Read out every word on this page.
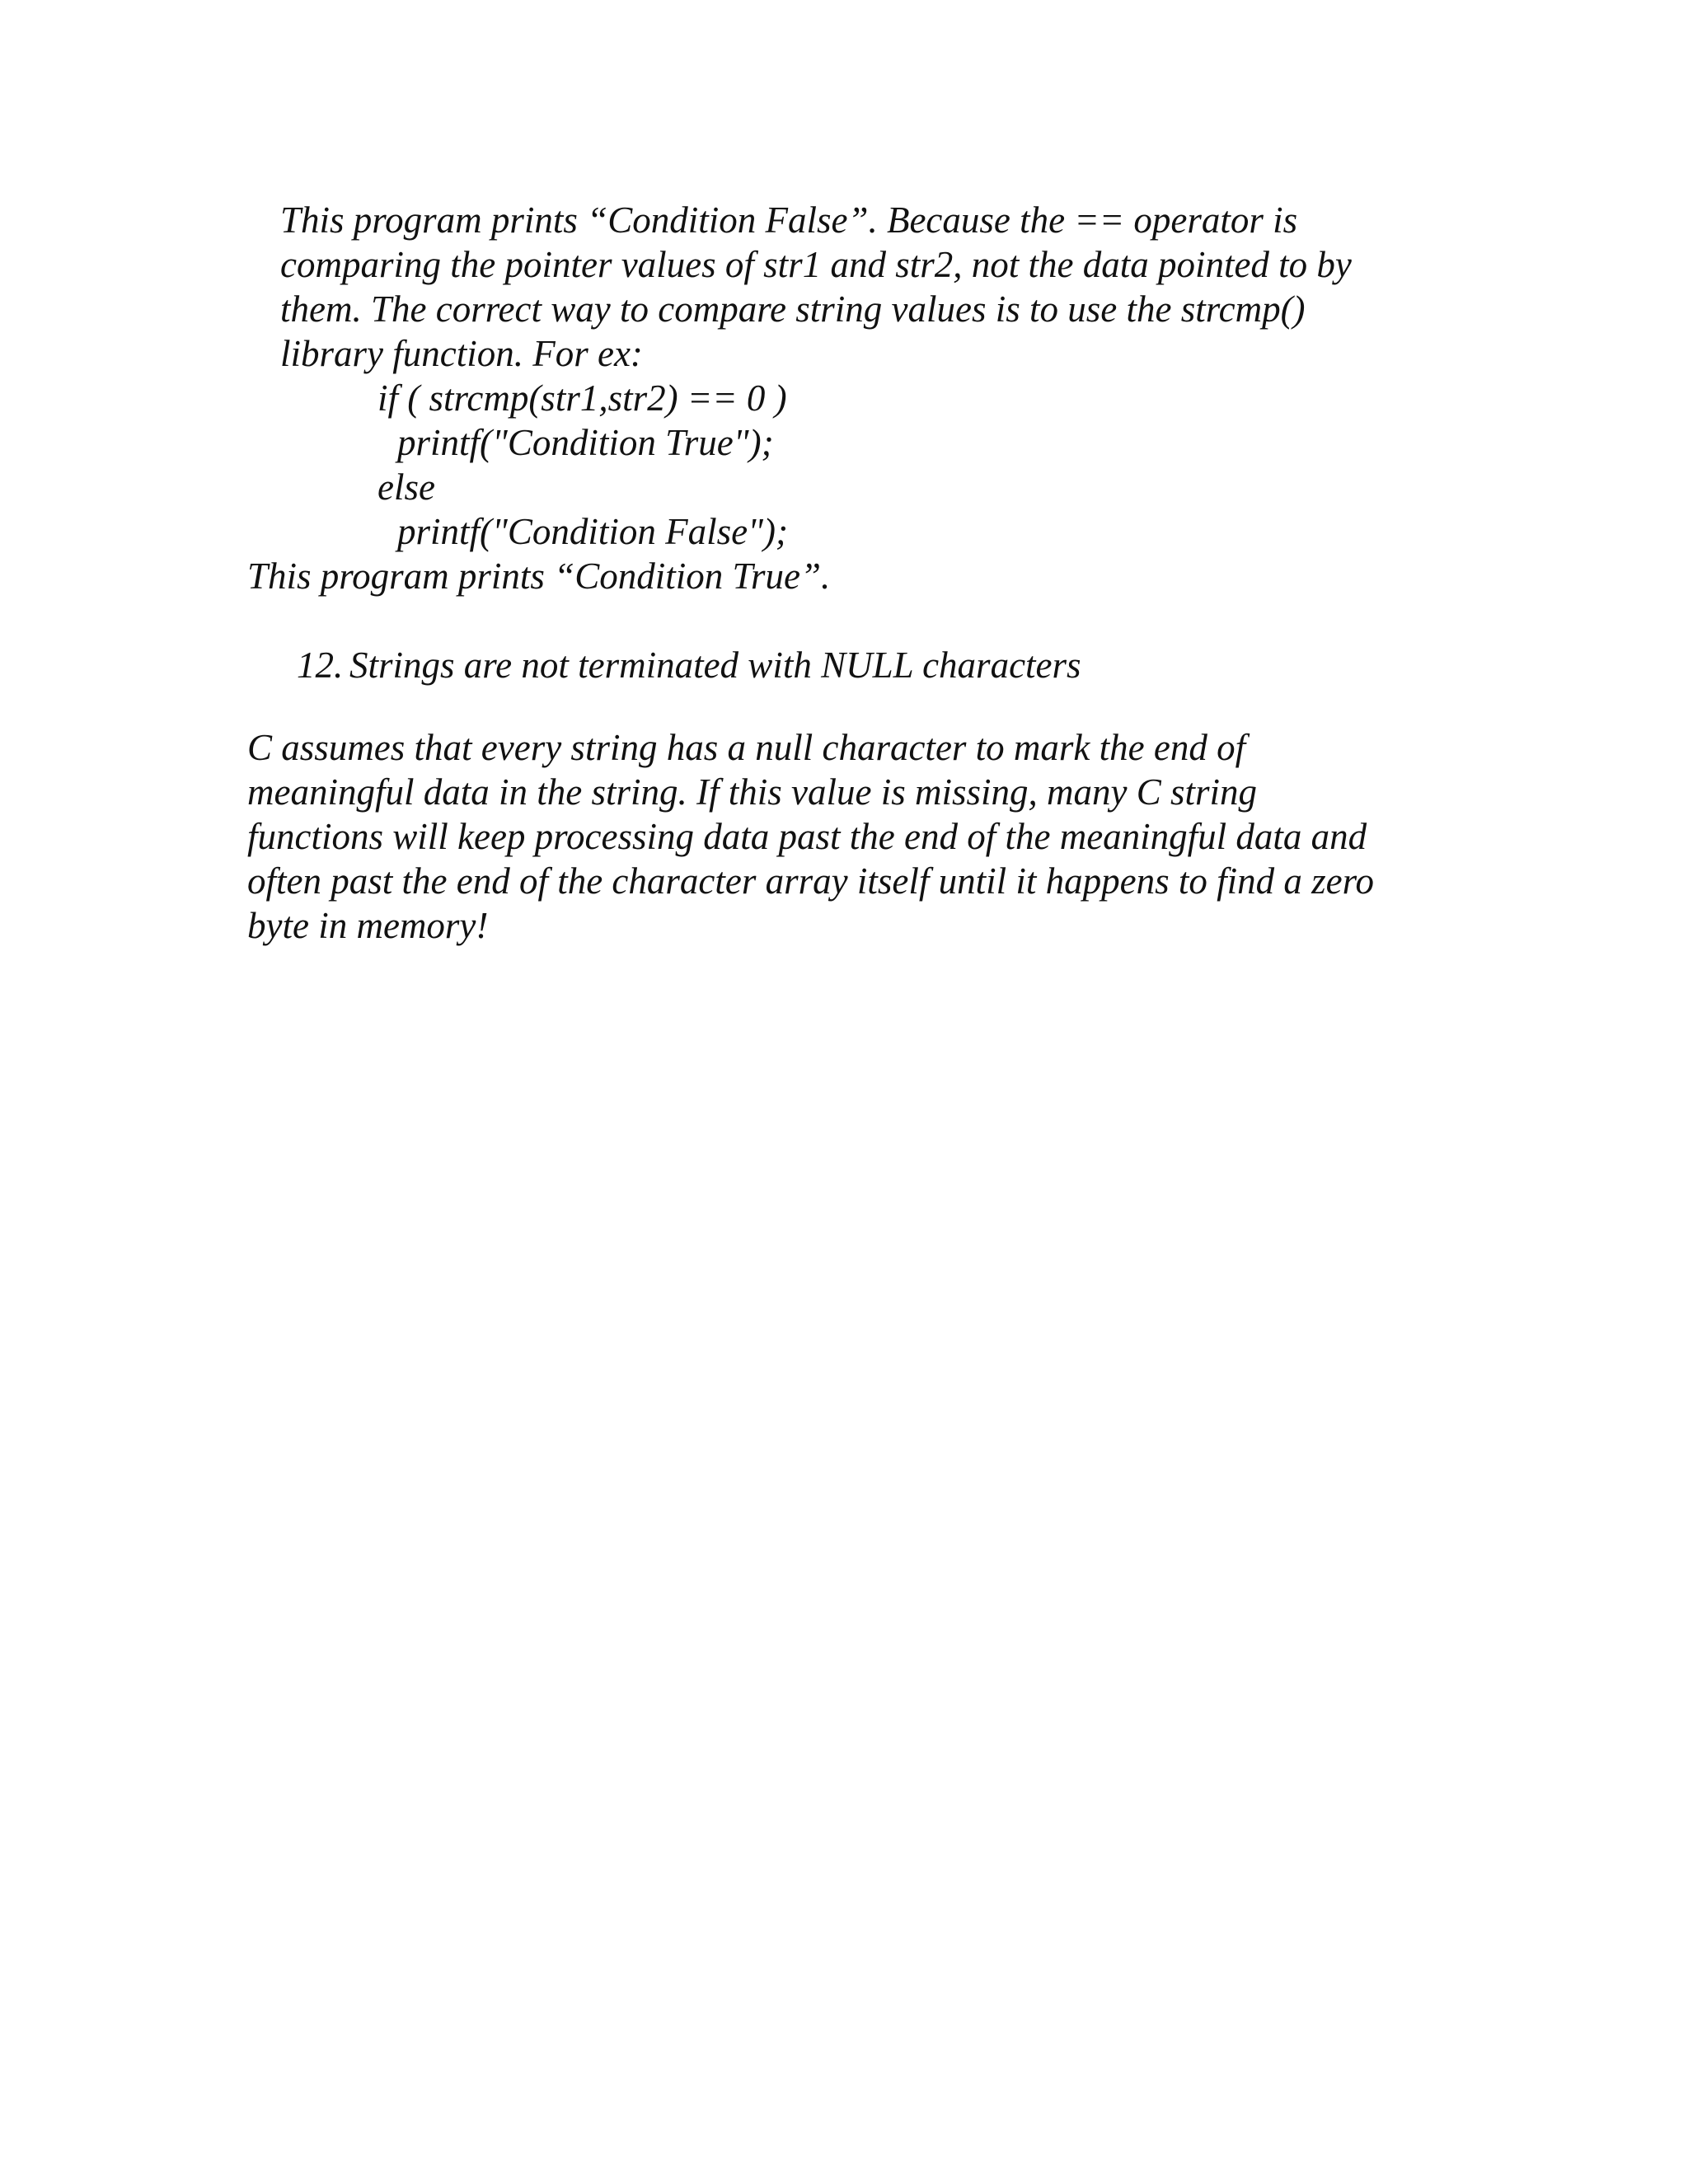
This program prints “Condition False”. Because the == operator is
comparing the pointer values of str1 and str2, not the data pointed to by
them. The correct way to compare string values is to use the strcmp()
library function. For ex:
if ( strcmp(str1,str2) == 0 )
printf("Condition True");
else
printf("Condition False");
This program prints “Condition True”.
12. Strings are not terminated with NULL characters
C assumes that every string has a null character to mark the end of
meaningful data in the string. If this value is missing, many C string
functions will keep processing data past the end of the meaningful data and
often past the end of the character array itself until it happens to find a zero
byte in memory!
